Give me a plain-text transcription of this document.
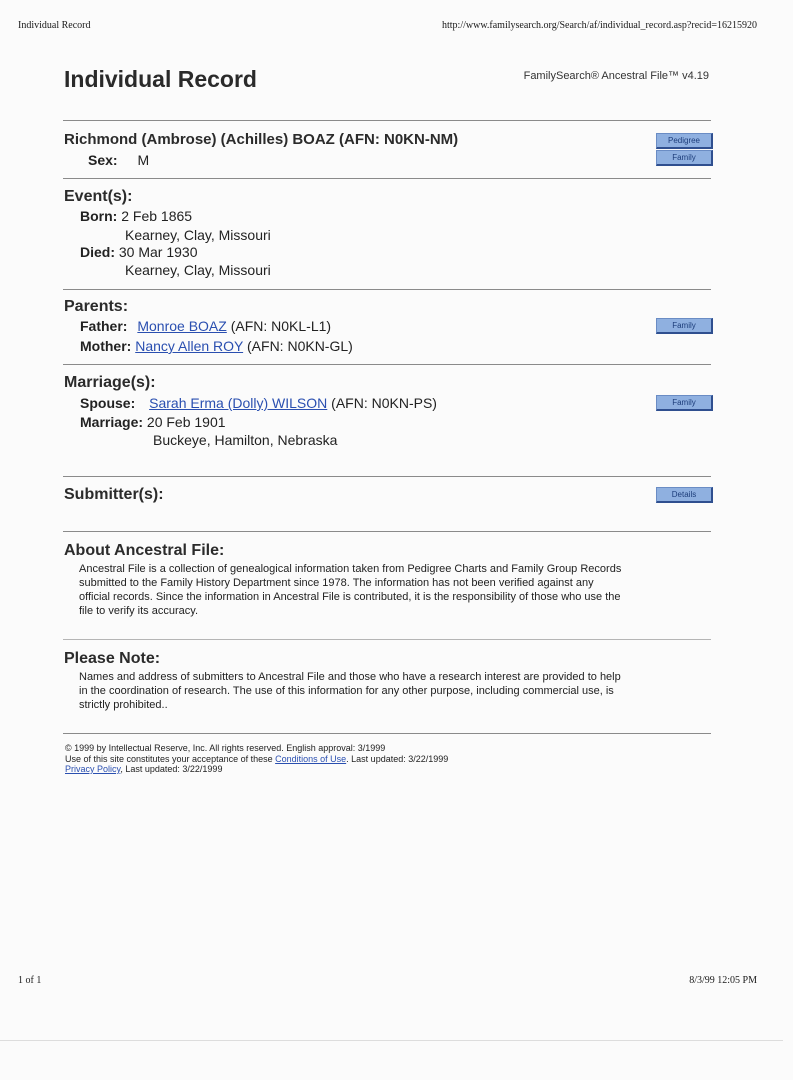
Individual Record	http://www.familysearch.org/Search/af/individual_record.asp?recid=16215920
Individual Record	FamilySearch® Ancestral File™ v4.19
Richmond (Ambrose) (Achilles) BOAZ (AFN: N0KN-NM)
Sex: M
Pedigree
Family
Event(s):
Born: 2 Feb 1865
Kearney, Clay, Missouri
Died: 30 Mar 1930
Kearney, Clay, Missouri
Parents:
Father: Monroe BOAZ (AFN: N0KL-L1)
Mother: Nancy Allen ROY (AFN: N0KN-GL)
Family
Marriage(s):
Spouse: Sarah Erma (Dolly) WILSON (AFN: N0KN-PS)
Marriage: 20 Feb 1901
Buckeye, Hamilton, Nebraska
Family
Submitter(s):	Details
About Ancestral File:
Ancestral File is a collection of genealogical information taken from Pedigree Charts and Family Group Records
submitted to the Family History Department since 1978. The information has not been verified against any
official records. Since the information in Ancestral File is contributed, it is the responsibility of those who use the
file to verify its accuracy.
Please Note:
Names and address of submitters to Ancestral File and those who have a research interest are provided to help
in the coordination of research. The use of this information for any other purpose, including commercial use, is
strictly prohibited..
© 1999 by Intellectual Reserve, Inc. All rights reserved. English approval: 3/1999
Use of this site constitutes your acceptance of these Conditions of Use. Last updated: 3/22/1999
Privacy Policy, Last updated: 3/22/1999
1 of 1	8/3/99 12:05 PM
